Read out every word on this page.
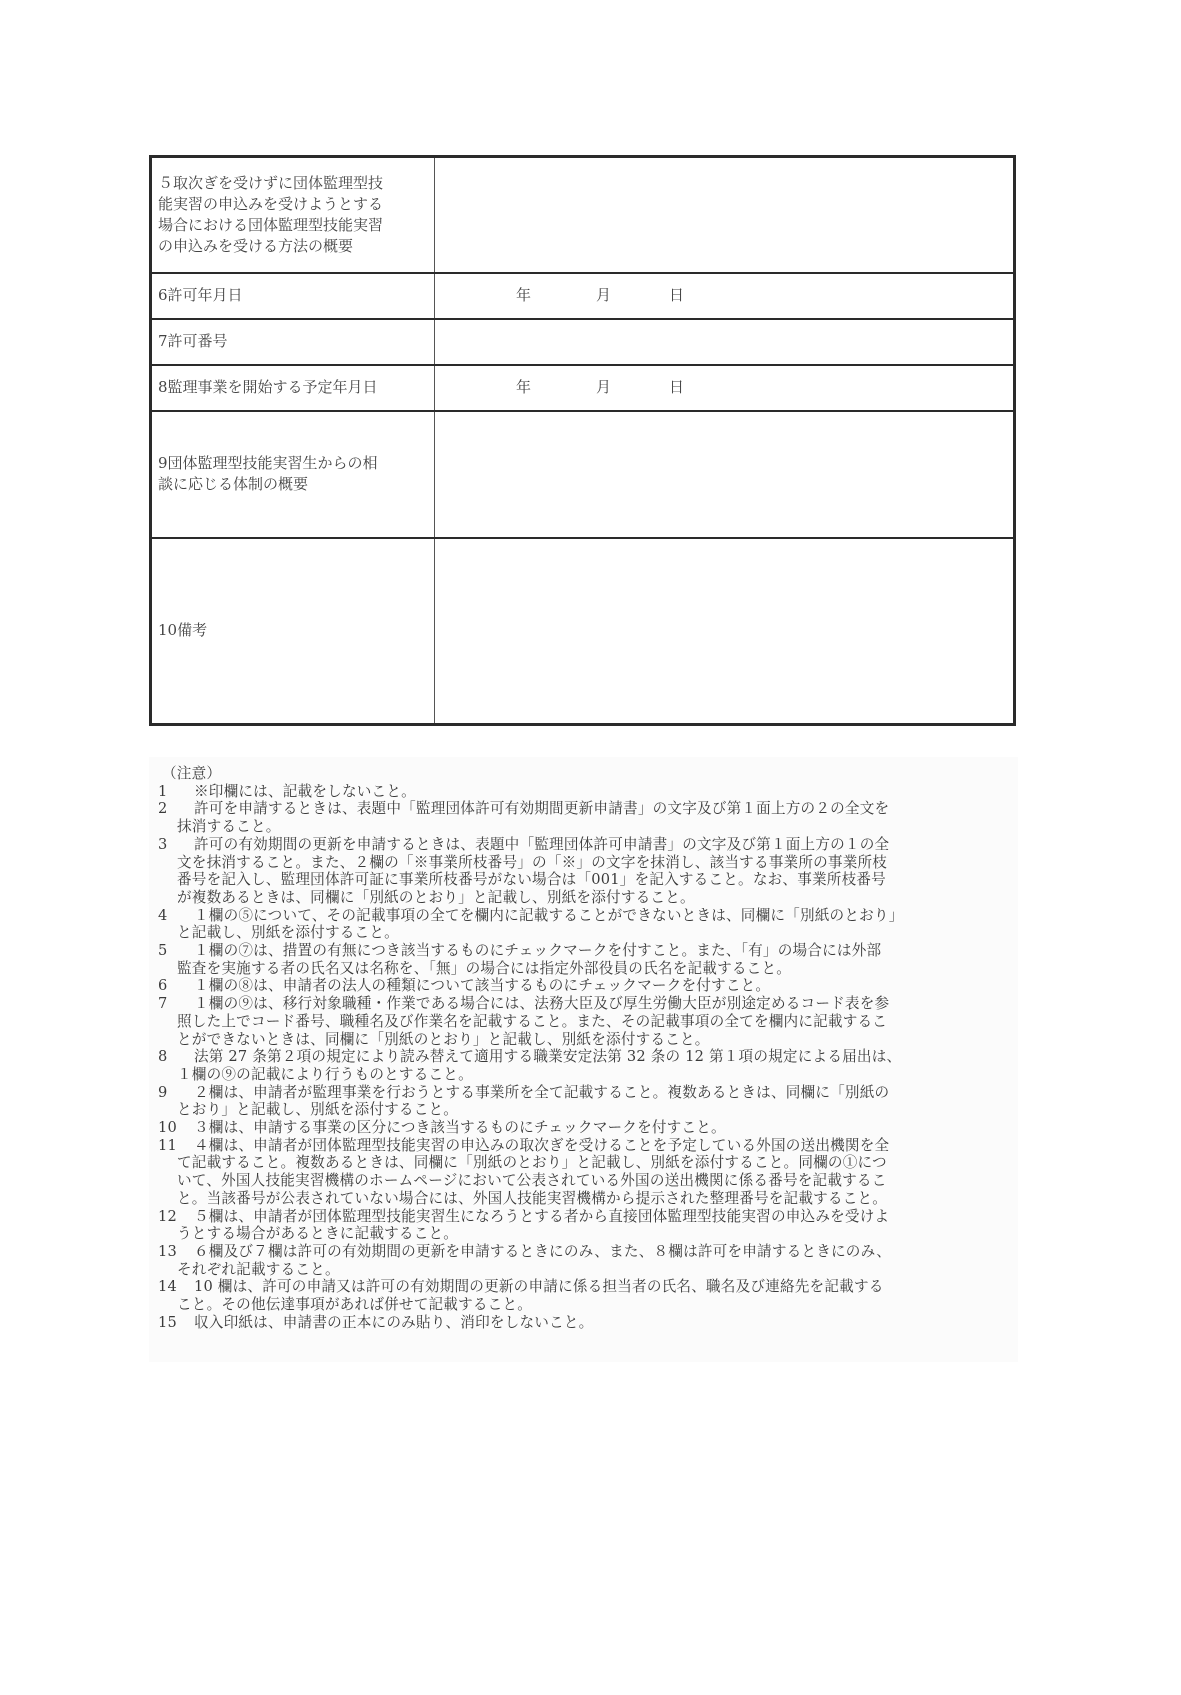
５取次ぎを受けずに団体監理型技
能実習の申込みを受けようとする
場合における団体監理型技能実習
の申込みを受ける方法の概要	

6許可年月日	年 月 日

7許可番号	
8監理事業を開始する予定年月日	年 月 日

9団体監理型技能実習生からの相
談に応じる体制の概要	

10備考	
（注意）
1 ※印欄には、記載をしないこと。
2 許可を申請するときは、表題中「監理団体許可有効期間更新申請書」の文字及び第１面上方の２の全文を
抹消すること。
3 許可の有効期間の更新を申請するときは、表題中「監理団体許可申請書」の文字及び第１面上方の１の全
文を抹消すること。また、２欄の「※事業所枝番号」の「※」の文字を抹消し、該当する事業所の事業所枝
番号を記入し、監理団体許可証に事業所枝番号がない場合は「001」を記入すること。なお、事業所枝番号
が複数あるときは、同欄に「別紙のとおり」と記載し、別紙を添付すること。
4 １欄の⑤について、その記載事項の全てを欄内に記載することができないときは、同欄に「別紙のとおり」
と記載し、別紙を添付すること。
5 １欄の⑦は、措置の有無につき該当するものにチェックマークを付すこと。また、「有」の場合には外部
監査を実施する者の氏名又は名称を、「無」の場合には指定外部役員の氏名を記載すること。
6 １欄の⑧は、申請者の法人の種類について該当するものにチェックマークを付すこと。
7 １欄の⑨は、移行対象職種・作業である場合には、法務大臣及び厚生労働大臣が別途定めるコード表を参
照した上でコード番号、職種名及び作業名を記載すること。また、その記載事項の全てを欄内に記載するこ
とができないときは、同欄に「別紙のとおり」と記載し、別紙を添付すること。
8 法第 27 条第２項の規定により読み替えて適用する職業安定法第 32 条の 12 第１項の規定による届出は、
１欄の⑨の記載により行うものとすること。
9 ２欄は、申請者が監理事業を行おうとする事業所を全て記載すること。複数あるときは、同欄に「別紙の
とおり」と記載し、別紙を添付すること。
10 ３欄は、申請する事業の区分につき該当するものにチェックマークを付すこと。
11 ４欄は、申請者が団体監理型技能実習の申込みの取次ぎを受けることを予定している外国の送出機関を全
て記載すること。複数あるときは、同欄に「別紙のとおり」と記載し、別紙を添付すること。同欄の①につ
いて、外国人技能実習機構のホームページにおいて公表されている外国の送出機関に係る番号を記載するこ
と。当該番号が公表されていない場合には、外国人技能実習機構から提示された整理番号を記載すること。
12 ５欄は、申請者が団体監理型技能実習生になろうとする者から直接団体監理型技能実習の申込みを受けよ
うとする場合があるときに記載すること。
13 ６欄及び７欄は許可の有効期間の更新を申請するときにのみ、また、８欄は許可を申請するときにのみ、
それぞれ記載すること。
14 10 欄は、許可の申請又は許可の有効期間の更新の申請に係る担当者の氏名、職名及び連絡先を記載する
こと。その他伝達事項があれば併せて記載すること。
15 収入印紙は、申請書の正本にのみ貼り、消印をしないこと。
